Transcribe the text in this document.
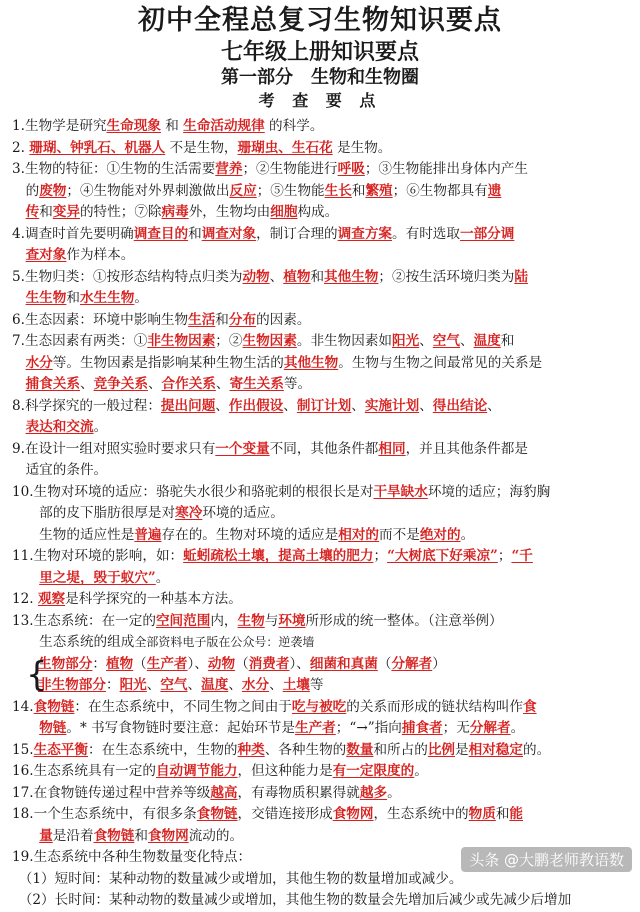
初中全程总复习生物知识要点
七年级上册知识要点
第一部分　生物和生物圈
考 查 要 点
1.生物学是研究生命现象 和 生命活动规律 的科学。
2. 珊瑚、钟乳石、机器人 不是生物，珊瑚虫、生石花 是生物。
3.生物的特征：①生物的生活需要营养；②生物能进行呼吸；③生物能排出身体内产生
　的废物；④生物能对外界刺激做出反应；⑤生物能生长和繁殖；⑥生物都具有遗
　传和变异的特性；⑦除病毒外，生物均由细胞构成。
4.调查时首先要明确调查目的和调查对象，制订合理的调查方案。有时选取一部分调
　查对象作为样本。
5.生物归类：①按形态结构特点归类为动物、植物和其他生物；②按生活环境归类为陆
　生生物和水生生物。
6.生态因素：环境中影响生物生活和分布的因素。
7.生态因素有两类：①非生物因素；②生物因素。非生物因素如阳光、空气、温度和
　水分等。生物因素是指影响某种生物生活的其他生物。生物与生物之间最常见的关系是
　捕食关系、竞争关系、合作关系、寄生关系等。
8.科学探究的一般过程：提出问题、作出假设、制订计划、实施计划、得出结论、
　表达和交流。
9.在设计一组对照实验时要求只有一个变量不同，其他条件都相同，并且其他条件都是
　适宜的条件。
10.生物对环境的适应：骆驼失水很少和骆驼刺的根很长是对干旱缺水环境的适应；海豹胸
　　部的皮下脂肪很厚是对寒冷环境的适应。
　　生物的适应性是普遍存在的。生物对环境的适应是相对的而不是绝对的。
11.生物对环境的影响，如：蚯蚓疏松土壤，提高土壤的肥力；“大树底下好乘凉”；“千
　　里之堤，毁于蚁穴”。
12. 观察是科学探究的一种基本方法。
13.生态系统：在一定的空间范围内，生物与环境所形成的统一整体。（注意举例）
　　生态系统的组成全部资料电子版在公众号：逆袭墙
{
生物部分：植物（生产者）、动物（消费者）、细菌和真菌（分解者）
非生物部分：阳光、空气、温度、水分、土壤等
14.食物链：在生态系统中，不同生物之间由于吃与被吃的关系而形成的链状结构叫作食
　　物链。* 书写食物链时要注意：起始环节是生产者；“→”指向捕食者；无分解者。
15.生态平衡：在生态系统中，生物的种类、各种生物的数量和所占的比例是相对稳定的。
16.生态系统具有一定的自动调节能力，但这种能力是有一定限度的。
17.在食物链传递过程中营养等级越高，有毒物质积累得就越多。
18.一个生态系统中，有很多条食物链，交错连接形成食物网，生态系统中的物质和能
　　量是沿着食物链和食物网流动的。
19.生态系统中各种生物数量变化特点：
　（1）短时间：某种动物的数量减少或增加，其他生物的数量增加或减少。
　（2）长时间：某种动物的数量减少或增加，其他生物的数量会先增加后减少或先减少后增加
头条 @大鹏老师教语数
